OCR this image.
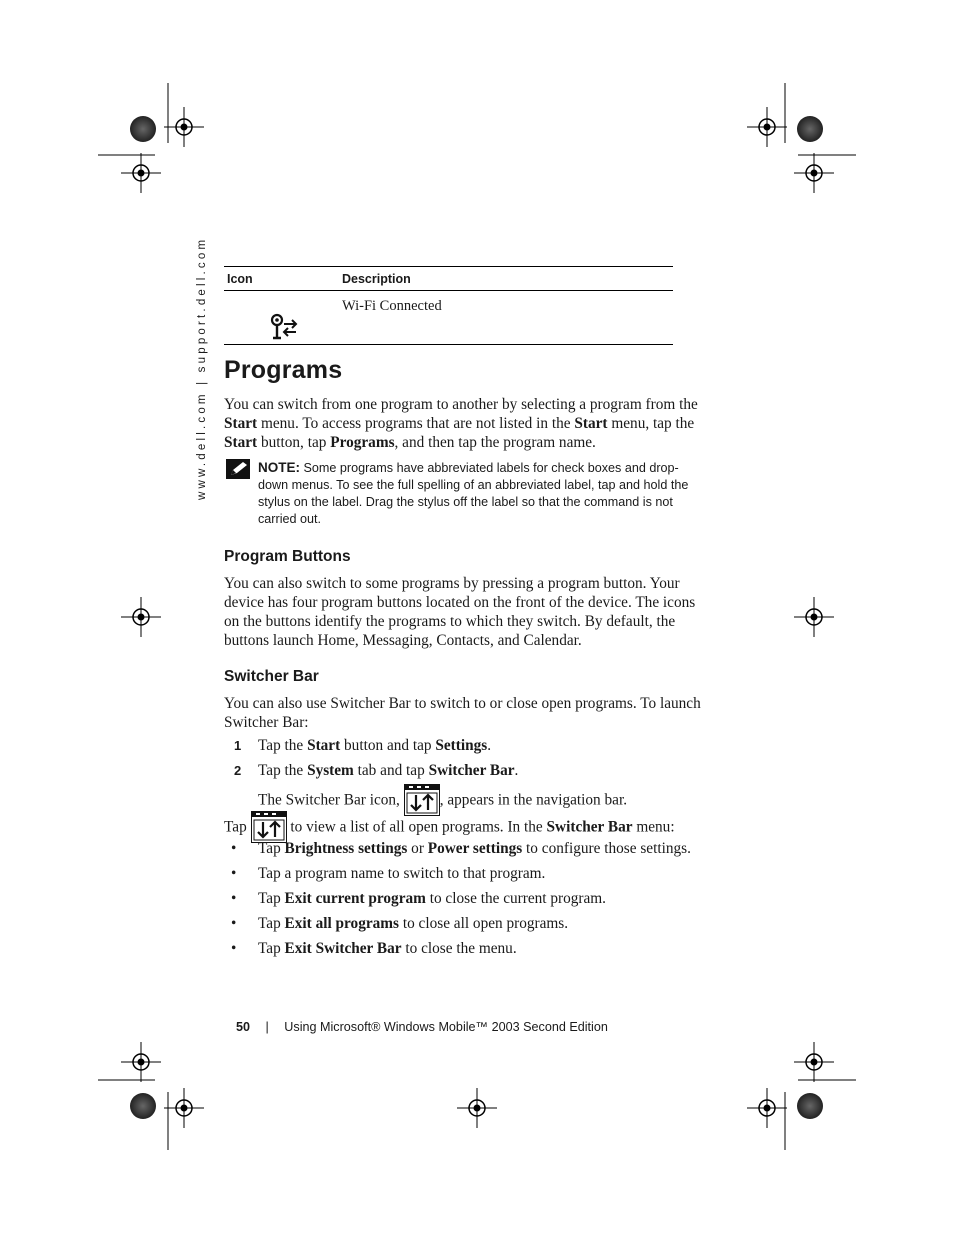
www.dell.com | support.dell.com Icon	Description
Wi-Fi Connected
Programs
You can switch from one program to another by selecting a program from the
Start menu. To access programs that are not listed in the Start menu, tap the
Start button, tap Programs, and then tap the program name.
NOTE: Some programs have abbreviated labels for check boxes and drop-down menus. To see the full spelling of an abbreviated label, tap and hold the stylus on the label. Drag the stylus off the label so that the command is not carried out.
Program Buttons
You can also switch to some programs by pressing a program button. Your device has four program buttons located on the front of the device. The icons on the buttons identify the programs to which they switch. By default, the buttons launch Home, Messaging, Contacts, and Calendar.
Switcher Bar
You can also use Switcher Bar to switch to or close open programs. To launch Switcher Bar:
1 Tap the Start button and tap Settings.
2 Tap the System tab and tap Switcher Bar.
The Switcher Bar icon, , appears in the navigation bar.
Tap  to view a list of all open programs. In the Switcher Bar menu:
• Tap Brightness settings or Power settings to configure those settings.
• Tap a program name to switch to that program.
• Tap Exit current program to close the current program.
• Tap Exit all programs to close all open programs.
• Tap Exit Switcher Bar to close the menu.
50 | Using Microsoft® Windows Mobile™ 2003 Second Edition
